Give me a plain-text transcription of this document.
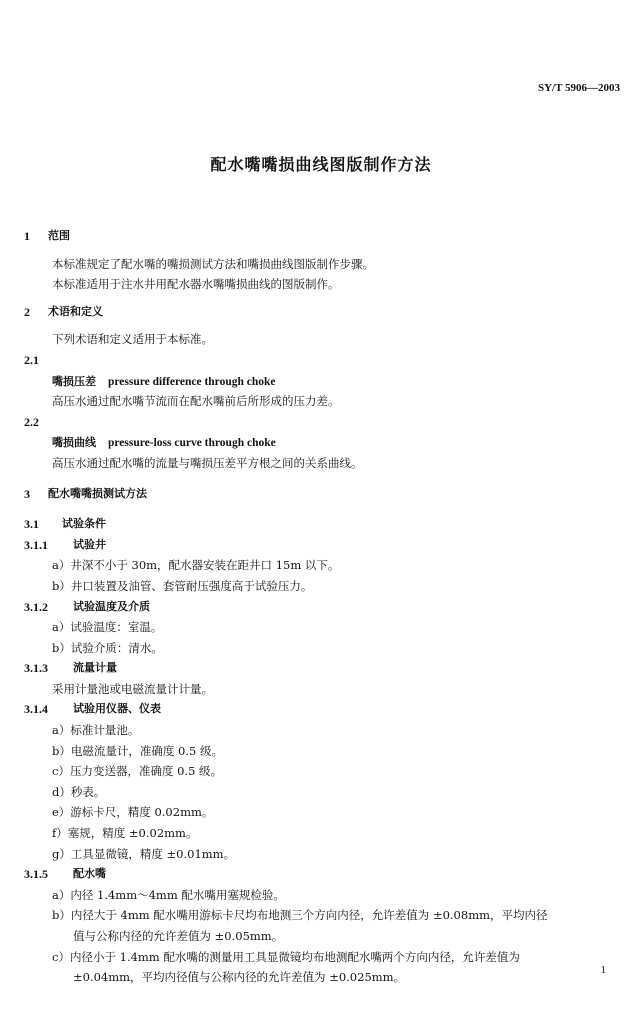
SY/T 5906—2003
配水嘴嘴损曲线图版制作方法
1 范围
本标准规定了配水嘴的嘴损测试方法和嘴损曲线图版制作步骤。
本标准适用于注水井用配水器水嘴嘴损曲线的图版制作。
2 术语和定义
下列术语和定义适用于本标准。
2.1
嘴损压差 pressure difference through choke
高压水通过配水嘴节流而在配水嘴前后所形成的压力差。
2.2
嘴损曲线 pressure-loss curve through choke
高压水通过配水嘴的流量与嘴损压差平方根之间的关系曲线。
3 配水嘴嘴损测试方法
3.1 试验条件
3.1.1 试验井
a）井深不小于 30m，配水器安装在距井口 15m 以下。
b）井口装置及油管、套管耐压强度高于试验压力。
3.1.2 试验温度及介质
a）试验温度：室温。
b）试验介质：清水。
3.1.3 流量计量
采用计量池或电磁流量计计量。
3.1.4 试验用仪器、仪表
a）标准计量池。
b）电磁流量计，准确度 0.5 级。
c）压力变送器，准确度 0.5 级。
d）秒表。
e）游标卡尺，精度 0.02mm。
f）塞规，精度 ±0.02mm。
g）工具显微镜，精度 ±0.01mm。
3.1.5 配水嘴
a）内径 1.4mm～4mm 配水嘴用塞规检验。
b）内径大于 4mm 配水嘴用游标卡尺均布地测三个方向内径，允许差值为 ±0.08mm，平均内径
值与公称内径的允许差值为 ±0.05mm。
c）内径小于 1.4mm 配水嘴的测量用工具显微镜均布地测配水嘴两个方向内径，允许差值为
±0.04mm，平均内径值与公称内径的允许差值为 ±0.025mm。
1
